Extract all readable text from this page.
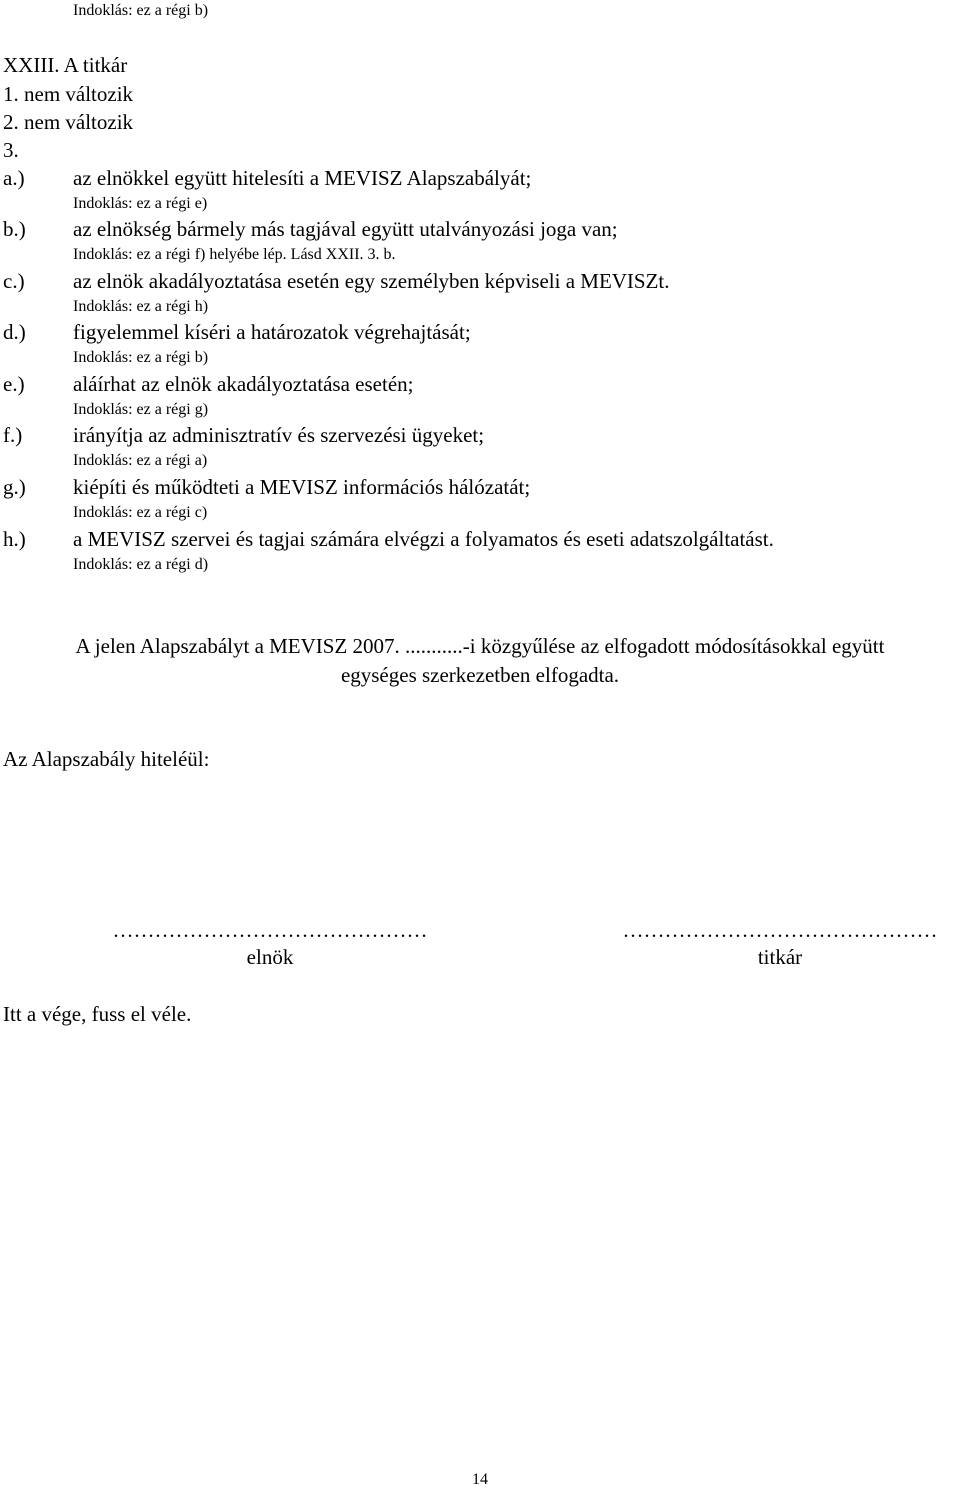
Indoklás: ez a régi b)
XXIII. A titkár
1. nem változik
2. nem változik
3.
a.) az elnökkel együtt hitelesíti a MEVISZ Alapszabályát;
Indoklás: ez a régi e)
b.) az elnökség bármely más tagjával együtt utalványozási joga van;
Indoklás: ez a régi f) helyébe lép. Lásd XXII. 3. b.
c.) az elnök akadályoztatása esetén egy személyben képviseli a MEVISZt.
Indoklás: ez a régi h)
d.) figyelemmel kíséri a határozatok végrehajtását;
Indoklás: ez a régi b)
e.) aláírhat az elnök akadályoztatása esetén;
Indoklás: ez a régi g)
f.) irányítja az adminisztratív és szervezési ügyeket;
Indoklás: ez a régi a)
g.) kiépíti és működteti a MEVISZ információs hálózatát;
Indoklás: ez a régi c)
h.) a MEVISZ szervei és tagjai számára elvégzi a folyamatos és eseti adatszolgáltatást.
Indoklás: ez a régi d)
A jelen Alapszabályt a MEVISZ 2007. ...........-i közgyűlése az elfogadott módosításokkal együtt
egységes szerkezetben elfogadta.
Az Alapszabály hiteléül:
………………………………………
elnök
………………………………………
titkár
Itt a vége, fuss el véle.
14
